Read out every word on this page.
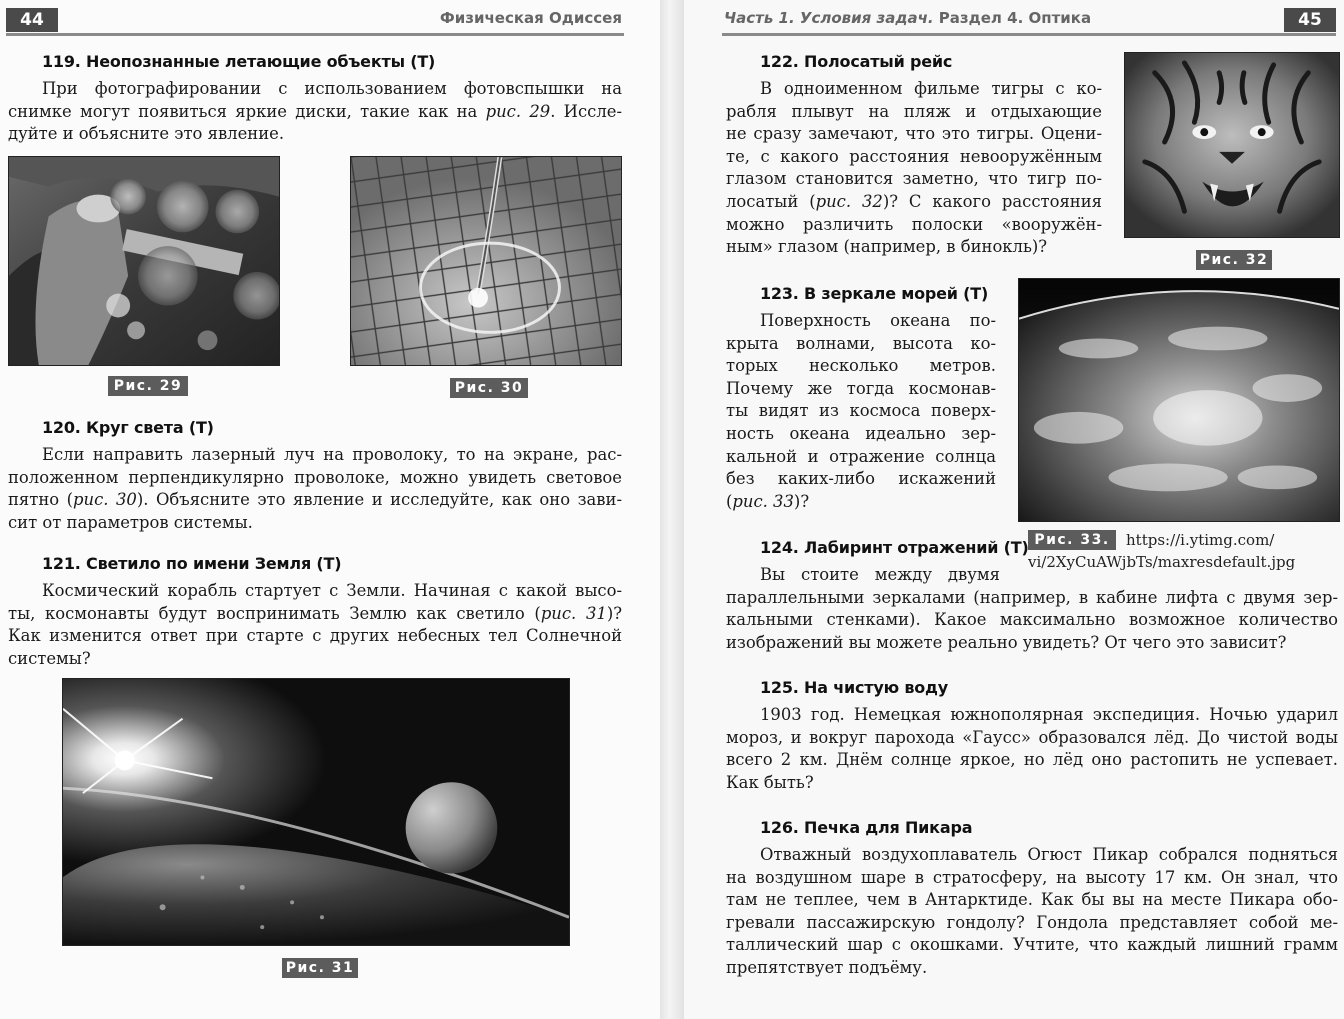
44	Физическая Одиссея
119. Неопознанные летающие объекты (Т)
При фотографировании с использованием фотовспышки на
снимке могут появиться яркие диски, такие как на рис. 29. Иссле-
дуйте и объясните это явление.
Рис. 29	Рис. 30
120. Круг света (Т)
Если направить лазерный луч на проволоку, то на экране, рас-
положенном перпендикулярно проволоке, можно увидеть световое
пятно (рис. 30). Объясните это явление и исследуйте, как оно зави-
сит от параметров системы.
121. Светило по имени Земля (Т)
Космический корабль стартует с Земли. Начиная с какой высо-
ты, космонавты будут воспринимать Землю как светило (рис. 31)?
Как изменится ответ при старте с других небесных тел Солнечной
системы?
Рис. 31
Часть 1. Условия задач. Раздел 4. Оптика	45
122. Полосатый рейс
В одноименном фильме тигры с ко-
рабля плывут на пляж и отдыхающие
не сразу замечают, что это тигры. Оцени-
те, с какого расстояния невооружённым
глазом становится заметно, что тигр по-
лосатый (рис. 32)? С какого расстояния
можно различить полоски «вооружён-
ным» глазом (например, в бинокль)?
Рис. 32
123. В зеркале морей (Т)
Поверхность океана по-
крыта волнами, высота ко-
торых несколько метров.
Почему же тогда космонав-
ты видят из космоса поверх-
ность океана идеально зер-
кальной и отражение солнца
без каких-либо искажений
(рис. 33)?
Рис. 33.	https://i.ytimg.com/
vi/2XyCuAWjbTs/maxresdefault.jpg
124. Лабиринт отражений (Т)
Вы стоите между двумя
параллельными зеркалами (например, в кабине лифта с двумя зер-
кальными стенками). Какое максимально возможное количество
изображений вы можете реально увидеть? От чего это зависит?
125. На чистую воду
1903 год. Немецкая южнополярная экспедиция. Ночью ударил
мороз, и вокруг парохода «Гаусс» образовался лёд. До чистой воды
всего 2 км. Днём солнце яркое, но лёд оно растопить не успевает.
Как быть?
126. Печка для Пикара
Отважный воздухоплаватель Огюст Пикар собрался подняться
на воздушном шаре в стратосферу, на высоту 17 км. Он знал, что
там не теплее, чем в Антарктиде. Как бы вы на месте Пикара обо-
гревали пассажирскую гондолу? Гондола представляет собой ме-
таллический шар с окошками. Учтите, что каждый лишний грамм
препятствует подъёму.
